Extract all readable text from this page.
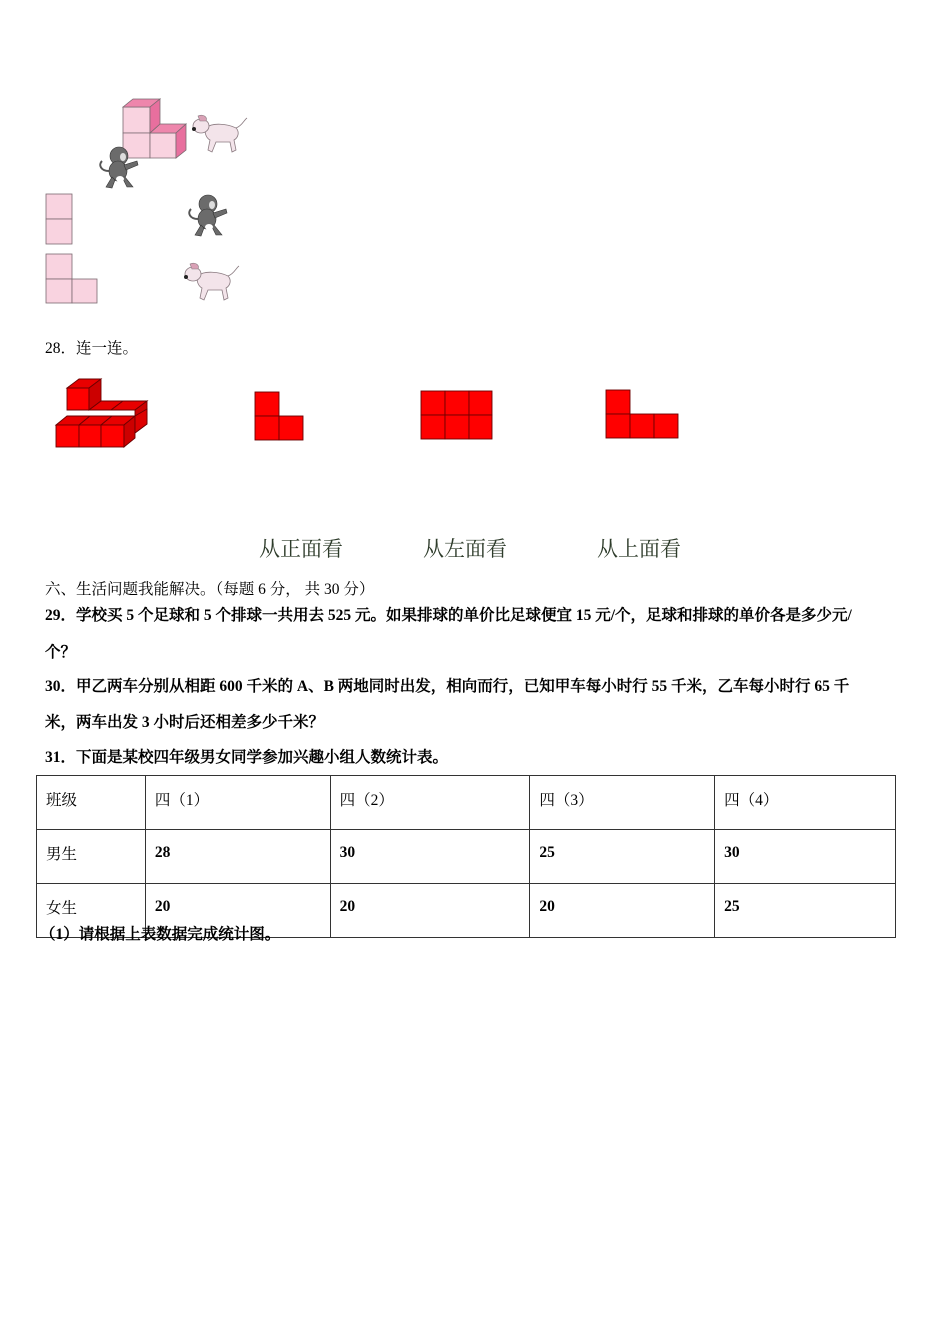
28．连一连。
从正面看	从左面看	从上面看
六、生活问题我能解决。（每题 6 分， 共 30 分）
29．学校买 5 个足球和 5 个排球一共用去 525 元。如果排球的单价比足球便宜 15 元/个，足球和排球的单价各是多少元/
个？
30．甲乙两车分别从相距 600 千米的 A、B 两地同时出发，相向而行，已知甲车每小时行 55 千米，乙车每小时行 65 千
米，两车出发 3 小时后还相差多少千米？
31．下面是某校四年级男女同学参加兴趣小组人数统计表。
班级	四（1）	四（2）	四（3）	四（4）
男生	28	30	25	30
女生	20	20	20	25
（1）请根据上表数据完成统计图。
